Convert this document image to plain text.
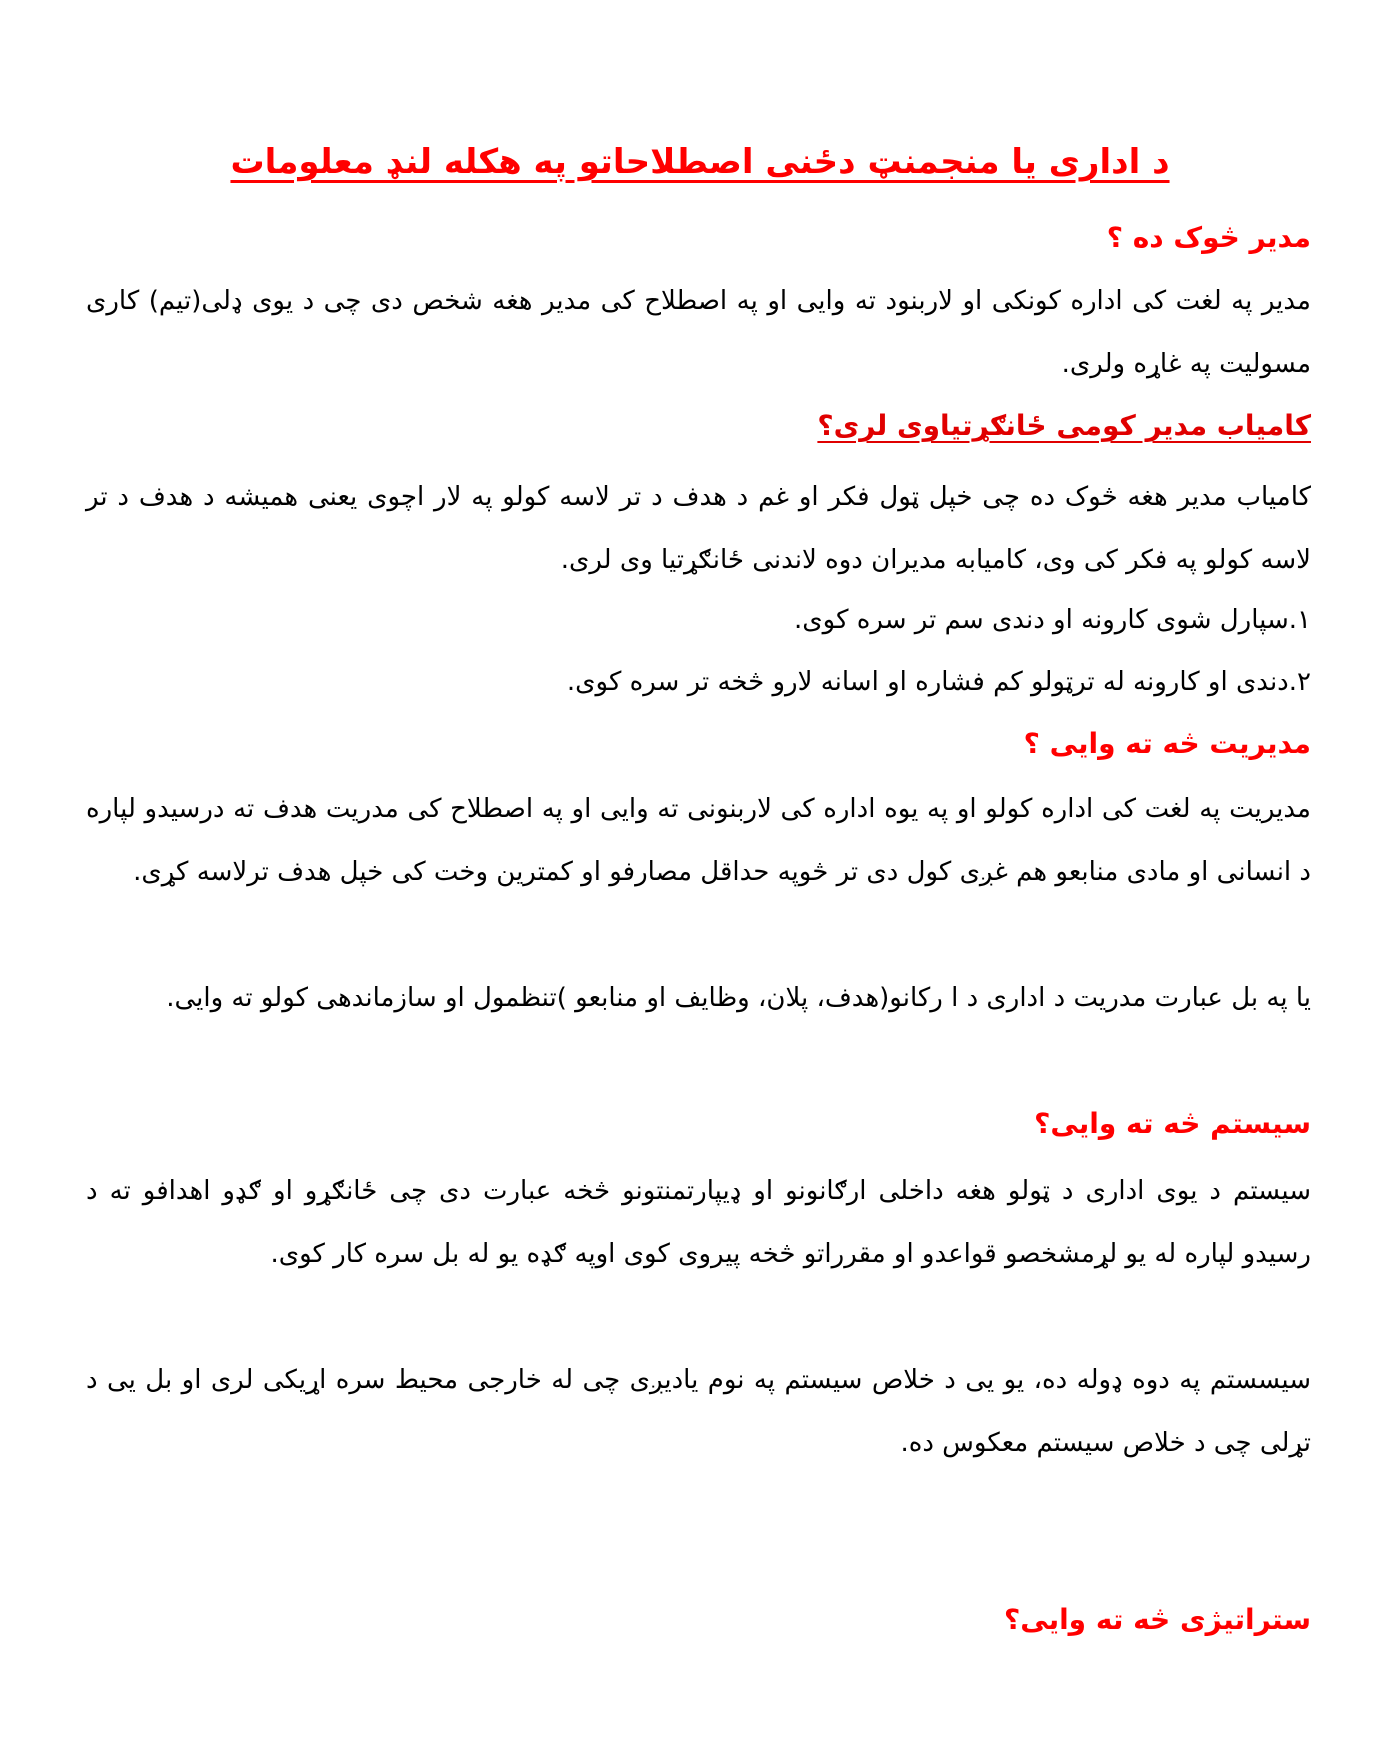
د اداری یا منجمنټ دځنی اصطلاحاتو په هکله لنډ معلومات
مدیر څوک ده ؟
مدیر په لغت کی اداره کونکی او لاربنود ته وایی او په اصطلاح کی مدیر هغه شخص دی چی د یوی ډلی(تیم) کاری مسولیت په غاړه ولری.
کامیاب مدیر کومی ځانګړتیاوی لری؟
کامیاب مدیر هغه څوک ده چی خپل ټول فکر او غم د هدف د تر لاسه کولو په لار اچوی یعنی همیشه د هدف د تر لاسه کولو په فکر کی وی، کامیابه مدیران دوه لاندنی ځانګړتیا وی لری.
١.سپارل شوی کارونه او دندی سم تر سره کوی.
٢.دندی او کارونه له ترټولو کم فشاره او اسانه لارو څخه تر سره کوی.
مدیریت څه ته وایی ؟
مدیریت په لغت کی اداره کولو او په یوه اداره کی لاربنونی ته وایی او په اصطلاح کی مدریت هدف ته درسیدو لپاره د انسانی او مادی منابعو هم غږی کول دی تر څوپه حداقل مصارفو او کمترین وخت کی خپل هدف ترلاسه کړی.
یا په بل عبارت مدریت د اداری د ا رکانو(هدف، پلان، وظایف او منابعو )تنظمول او سازماندهی کولو ته وایی.
سیستم څه ته وایی؟
سیستم د یوی اداری د ټولو هغه داخلی ارګانونو او ډیپارتمنتونو څخه عبارت دی چی ځانګړو او ګډو اهدافو ته د رسیدو لپاره له یو لړمشخصو قواعدو او مقرراتو څخه پیروی کوی اوپه ګډه یو له بل سره کار کوی.
سیسستم په دوه ډوله ده، یو یی د خلاص سیستم په نوم یادیږی چی له خارجی محیط سره اړیکی لری او بل یی د تړلی چی د خلاص سیستم معکوس ده.
ستراتیژی څه ته وایی؟
